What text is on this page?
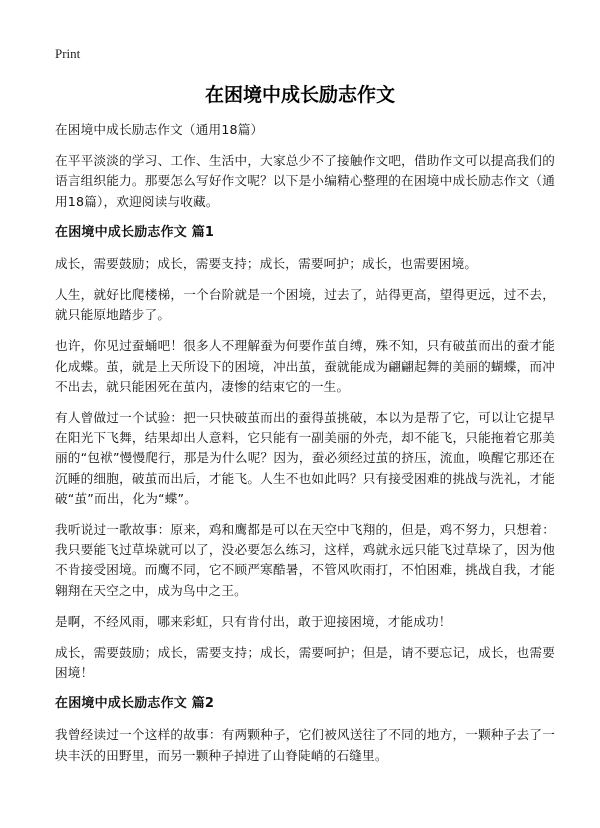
Print
在困境中成长励志作文

在困境中成长励志作文（通用18篇）

在平平淡淡的学习、工作、生活中，大家总少不了接触作文吧，借助作文可以提高我们的语言组织能力。那要怎么写好作文呢？以下是小编精心整理的在困境中成长励志作文（通用18篇），欢迎阅读与收藏。

在困境中成长励志作文 篇1

成长，需要鼓励；成长，需要支持；成长，需要呵护；成长，也需要困境。

人生，就好比爬楼梯，一个台阶就是一个困境，过去了，站得更高，望得更远，过不去，就只能原地踏步了。

也许，你见过蚕蛹吧！很多人不理解蚕为何要作茧自缚，殊不知，只有破茧而出的蚕才能化成蝶。茧，就是上天所设下的困境，冲出茧，蚕就能成为翩翩起舞的美丽的蝴蝶，而冲不出去，就只能困死在茧内，凄惨的结束它的一生。

有人曾做过一个试验：把一只快破茧而出的蚕得茧挑破，本以为是帮了它，可以让它提早在阳光下飞舞，结果却出人意料，它只能有一副美丽的外壳，却不能飞，只能拖着它那美丽的“包袱”慢慢爬行，那是为什么呢？因为，蚕必须经过茧的挤压，流血，唤醒它那还在沉睡的细胞，破茧而出后，才能飞。人生不也如此吗？只有接受困难的挑战与洗礼，才能破“茧”而出，化为“蝶”。

我听说过一歌故事：原来，鸡和鹰都是可以在天空中飞翔的，但是，鸡不努力，只想着：我只要能飞过草垛就可以了，没必要怎么练习，这样，鸡就永远只能飞过草垛了，因为他不肯接受困境。而鹰不同，它不顾严寒酷暑，不管风吹雨打，不怕困难，挑战自我，才能翱翔在天空之中，成为鸟中之王。

是啊，不经风雨，哪来彩虹，只有肯付出，敢于迎接困境，才能成功！

成长，需要鼓励；成长，需要支持；成长，需要呵护；但是，请不要忘记，成长，也需要困境！

在困境中成长励志作文 篇2

我曾经读过一个这样的故事：有两颗种子，它们被风送往了不同的地方，一颗种子去了一块丰沃的田野里，而另一颗种子掉进了山脊陡峭的石缝里。
